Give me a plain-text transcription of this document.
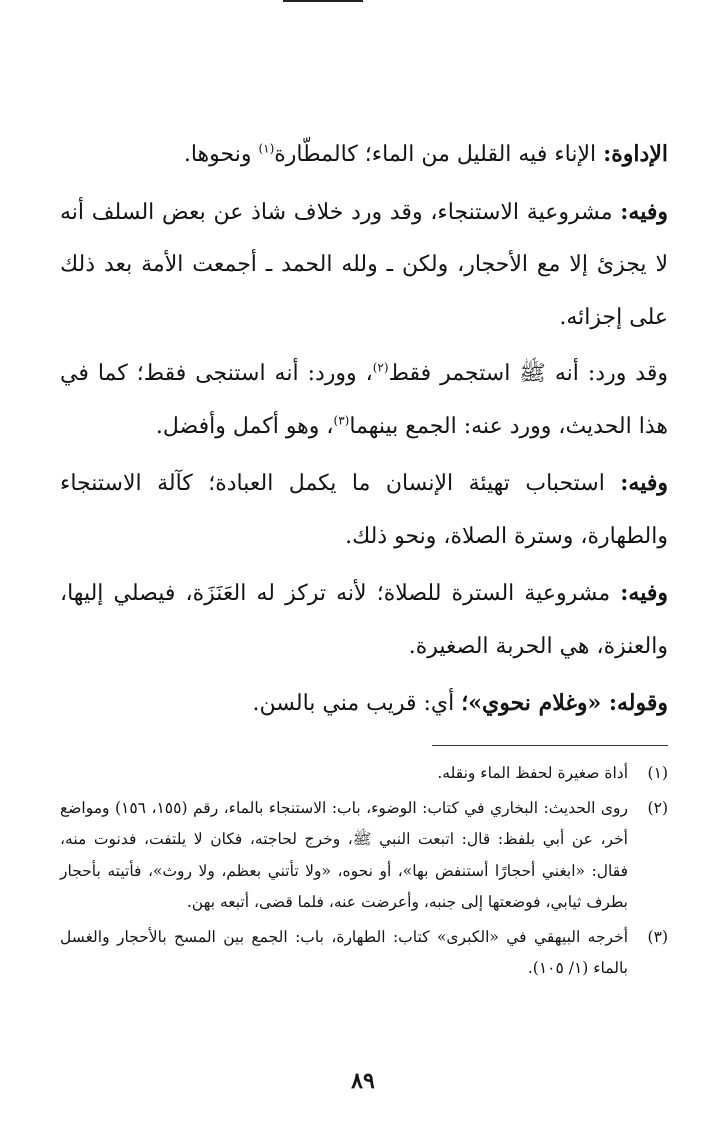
الإداوة: الإناء فيه القليل من الماء؛ كالمطّارة$^{(١)}$ ونحوها.

وفيه: مشروعية الاستنجاء، وقد ورد خلاف شاذ عن بعض السلف أنه لا يجزئ إلا مع الأحجار، ولكن ـ ولله الحمد ـ أجمعت الأمة بعد ذلك على إجزائه.

وقد ورد: أنه ﷺ استجمر فقط$^{(٢)}$، وورد: أنه استنجى فقط؛ كما في هذا الحديث، وورد عنه: الجمع بينهما$^{(٣)}$، وهو أكمل وأفضل.

وفيه: استحباب تهيئة الإنسان ما يكمل العبادة؛ كآلة الاستنجاء والطهارة، وسترة الصلاة، ونحو ذلك.

وفيه: مشروعية السترة للصلاة؛ لأنه تركز له العَنَزَة، فيصلي إليها، والعنزة، هي الحربة الصغيرة.

وقوله: «وغلام نحوي»؛ أي: قريب مني بالسن.

(١)
أداة صغيرة لحفظ الماء ونقله.
(٢)
روى الحديث: البخاري في كتاب: الوضوء، باب: الاستنجاء بالماء، رقم (١٥٥، ١٥٦) ومواضع أخر، عن أبي بلفظ: قال: اتبعت النبي ﷺ، وخرج لحاجته، فكان لا يلتفت، فدنوت منه، فقال: «ابغني أحجارًا أستنفض بها»، أو نحوه، «ولا تأتني بعظم، ولا روث»، فأتيته بأحجار بطرف ثيابي، فوضعتها إلى جنبه، وأعرضت عنه، فلما قضى، أتبعه بهن.
(٣)
أخرجه البيهقي في «الكبرى» كتاب: الطهارة، باب: الجمع بين المسح بالأحجار والغسل بالماء (١/ ١٠٥).
٨٩
